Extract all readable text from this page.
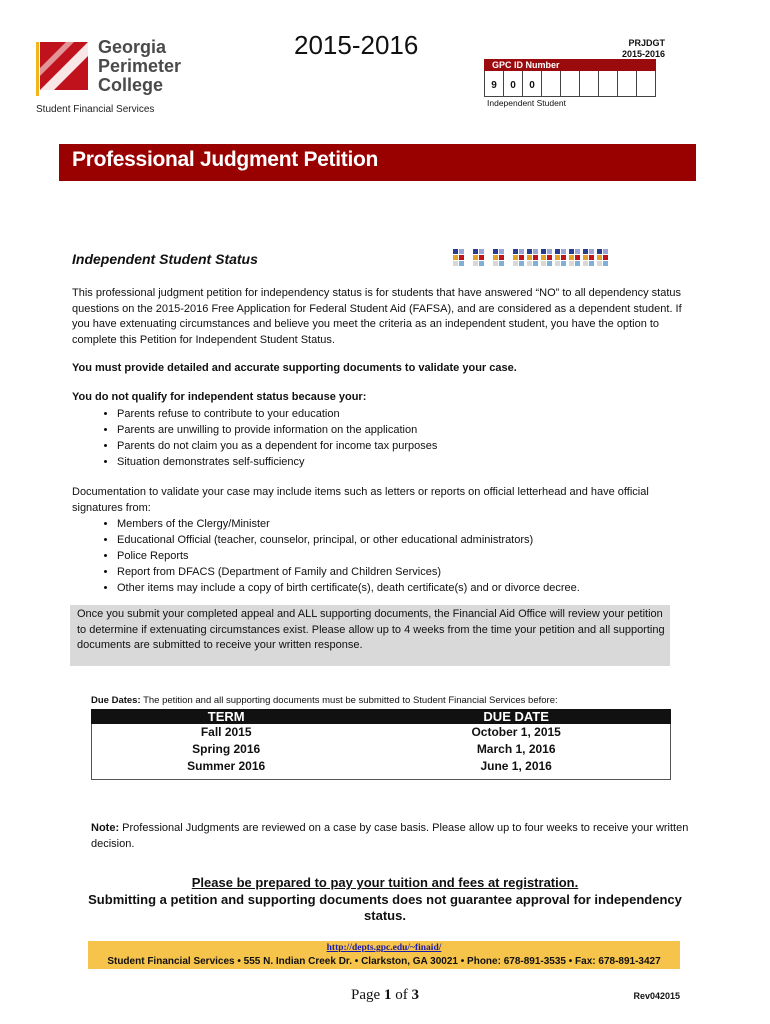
Georgia
Perimeter
College
Student Financial Services
2015-2016	PRJDGT
2015-2016
GPC ID Number
9	0	0
Independent Student
Professional Judgment Petition
Independent Student Status
This professional judgment petition for independency status is for students that have answered “NO” to all dependency status questions on the 2015-2016 Free Application for Federal Student Aid (FAFSA), and are considered as a dependent student. If you have extenuating circumstances and believe you meet the criteria as an independent student, you have the option to complete this Petition for Independent Student Status.
You must provide detailed and accurate supporting documents to validate your case.
You do not qualify for independent status because your:
• Parents refuse to contribute to your education
• Parents are unwilling to provide information on the application
• Parents do not claim you as a dependent for income tax purposes
• Situation demonstrates self-sufficiency
Documentation to validate your case may include items such as letters or reports on official letterhead and have official signatures from:
• Members of the Clergy/Minister
• Educational Official (teacher, counselor, principal, or other educational administrators)
• Police Reports
• Report from DFACS (Department of Family and Children Services)
• Other items may include a copy of birth certificate(s), death certificate(s) and or divorce decree.
Once you submit your completed appeal and ALL supporting documents, the Financial Aid Office will review your petition to determine if extenuating circumstances exist. Please allow up to 4 weeks from the time your petition and all supporting documents are submitted to receive your written response.
Due Dates: The petition and all supporting documents must be submitted to Student Financial Services before:
TERM	DUE DATE
Fall 2015	October 1, 2015
Spring 2016	March 1, 2016
Summer 2016	June 1, 2016
Note: Professional Judgments are reviewed on a case by case basis. Please allow up to four weeks to receive your written decision.
Please be prepared to pay your tuition and fees at registration.
Submitting a petition and supporting documents does not guarantee approval for independency status.
http://depts.gpc.edu/~finaid/
Student Financial Services • 555 N. Indian Creek Dr. • Clarkston, GA 30021 • Phone: 678-891-3535 • Fax: 678-891-3427
Page 1 of 3	Rev042015
